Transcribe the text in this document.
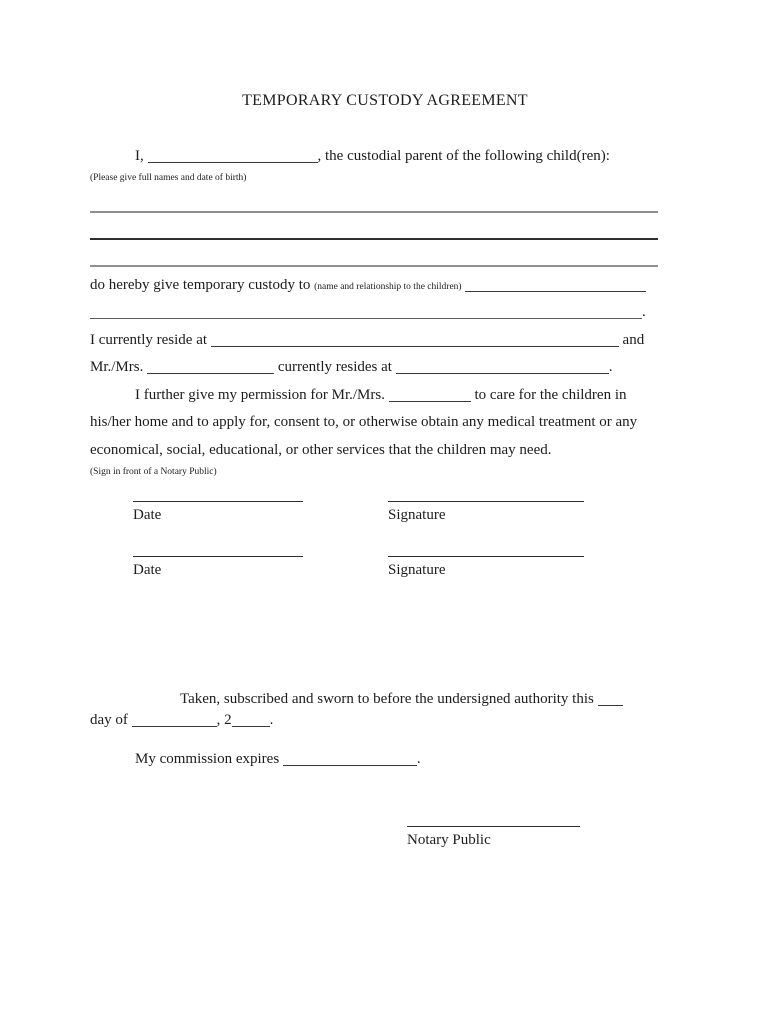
TEMPORARY CUSTODY AGREEMENT

I,	, the custodial parent of the following child(ren):

(Please give full names and date of birth)

do hereby give temporary custody to (name and relationship to the children)

.

I currently reside at	and

Mr./Mrs.	currently resides at	.

I further give my permission for Mr./Mrs.	to care for the children in

his/her home and to apply for, consent to, or otherwise obtain any medical treatment or any

economical, social, educational, or other services that the children may need.

(Sign in front of a Notary Public)

Date	Signature

Date	Signature

Taken, subscribed and sworn to before the undersigned authority this

day of	, 2	.

My commission expires	.

Notary Public
